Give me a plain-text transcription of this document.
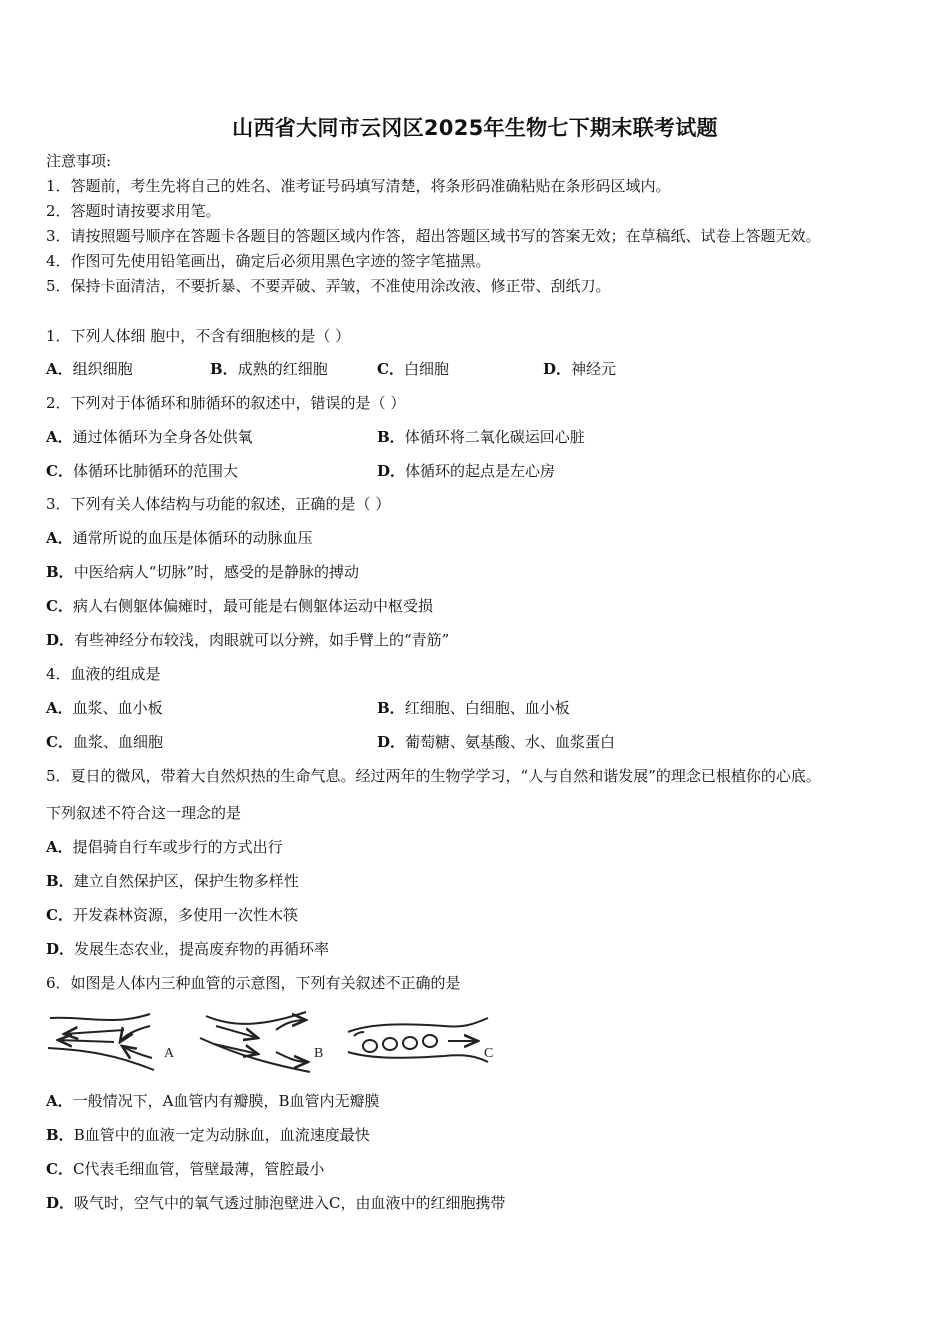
山西省大同市云冈区2025年生物七下期末联考试题
注意事项:
1．答题前，考生先将自己的姓名、准考证号码填写清楚，将条形码准确粘贴在条形码区域内。
2．答题时请按要求用笔。
3．请按照题号顺序在答题卡各题目的答题区域内作答，超出答题区域书写的答案无效；在草稿纸、试卷上答题无效。
4．作图可先使用铅笔画出，确定后必须用黑色字迹的签字笔描黑。
5．保持卡面清洁，不要折暴、不要弄破、弄皱，不准使用涂改液、修正带、刮纸刀。
1．下列人体细 胞中，不含有细胞核的是（ ）
A．组织细胞	B．成熟的红细胞	C．白细胞	D．神经元
2．下列对于体循环和肺循环的叙述中，错误的是（ ）
A．通过体循环为全身各处供氧	B．体循环将二氧化碳运回心脏
C．体循环比肺循环的范围大	D．体循环的起点是左心房
3．下列有关人体结构与功能的叙述，正确的是（ ）
A．通常所说的血压是体循环的动脉血压
B．中医给病人“切脉”时，感受的是静脉的搏动
C．病人右侧躯体偏瘫时，最可能是右侧躯体运动中枢受损
D．有些神经分布较浅，肉眼就可以分辨，如手臂上的“青筋”
4．血液的组成是
A．血浆、血小板	B．红细胞、白细胞、血小板
C．血浆、血细胞	D．葡萄糖、氨基酸、水、血浆蛋白
5．夏日的微风，带着大自然炽热的生命气息。经过两年的生物学学习，“人与自然和谐发展”的理念已根植你的心底。
下列叙述不符合这一理念的是
A．提倡骑自行车或步行的方式出行
B．建立自然保护区，保护生物多样性
C．开发森林资源，多使用一次性木筷
D．发展生态农业，提高废弃物的再循环率
6．如图是人体内三种血管的示意图，下列有关叙述不正确的是
A	B	C
A．一般情况下，A血管内有瓣膜，B血管内无瓣膜
B．B血管中的血液一定为动脉血，血流速度最快
C．C代表毛细血管，管壁最薄，管腔最小
D．吸气时，空气中的氧气透过肺泡壁进入C，由血液中的红细胞携带
